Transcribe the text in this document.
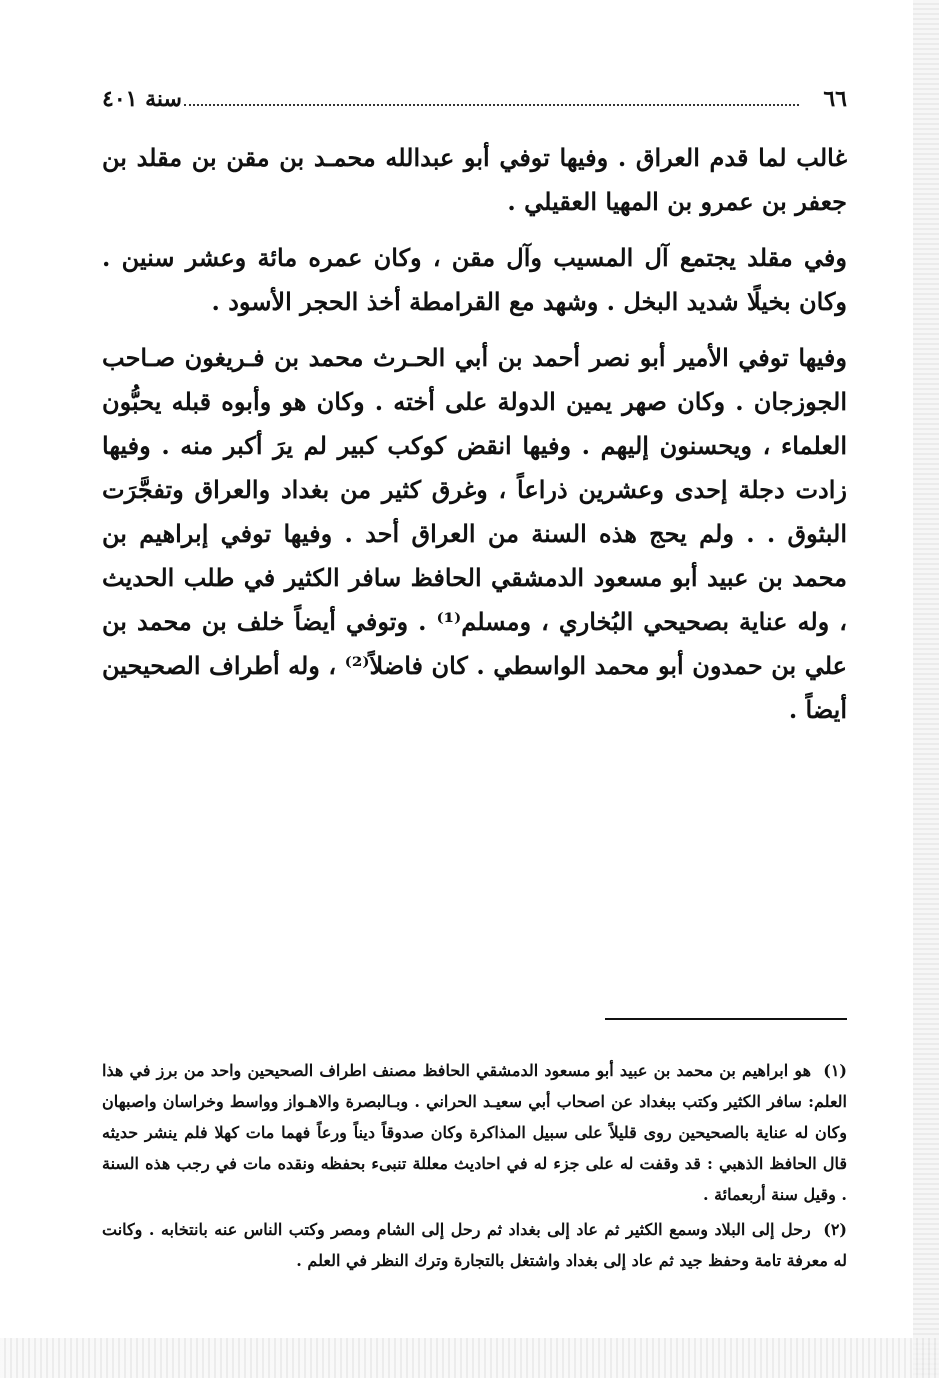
٦٦
سنة ٤٠١

غالب لما قدم العراق . وفيها توفي أبو عبدالله محمـد بن مقن بن مقلد بن جعفر بن عمرو بن المهيا العقيلي .

وفي مقلد يجتمع آل المسيب وآل مقن ، وكان عمره مائة وعشر سنين . وكان بخيلًا شديد البخل . وشهد مع القرامطة أخذ الحجر الأسود .

وفيها توفي الأمير أبو نصر أحمد بن أبي الحـرث محمد بن فـريغون صـاحب الجوزجان . وكان صهر يمين الدولة على أخته . وكان هو وأبوه قبله يحبُّون العلماء ، ويحسنون إليهم . وفيها انقض كوكب كبير لم يرَ أكبر منه . وفيها زادت دجلة إحدى وعشرين ذراعاً ، وغرق كثير من بغداد والعراق وتفجَّرَت البثوق . . ولم يحج هذه السنة من العراق أحد . وفيها توفي إبراهيم بن محمد بن عبيد أبو مسعود الدمشقي الحافظ سافر الكثير في طلب الحديث ، وله عناية بصحيحي البُخاري ، ومسلم⁽¹⁾ . وتوفي أيضاً خلف بن محمد بن علي بن حمدون أبو محمد الواسطي . كان فاضلاً⁽²⁾ ، وله أطراف الصحيحين أيضاً .

(١) هو ابراهيم بن محمد بن عبيد أبو مسعود الدمشقي الحافظ مصنف اطراف الصحيحين واحد من برز في هذا العلم: سافر الكثير وكتب ببغداد عن اصحاب أبي سعيـد الحراني . وبـالبصرة والاهـواز وواسط وخراسان واصبهان وكان له عناية بالصحيحين روى قليلاً على سبيل المذاكرة وكان صدوقاً ديناً ورعاً فهما مات كهلا فلم ينشر حديثه قال الحافظ الذهبي : قد وقفت له على جزء له في احاديث معللة تنبىء بحفظه ونقده مات في رجب هذه السنة . وقيل سنة أربعمائة .

(٢) رحل إلى البلاد وسمع الكثير ثم عاد إلى بغداد ثم رحل إلى الشام ومصر وكتب الناس عنه بانتخابه . وكانت له معرفة تامة وحفظ جيد ثم عاد إلى بغداد واشتغل بالتجارة وترك النظر في العلم .
